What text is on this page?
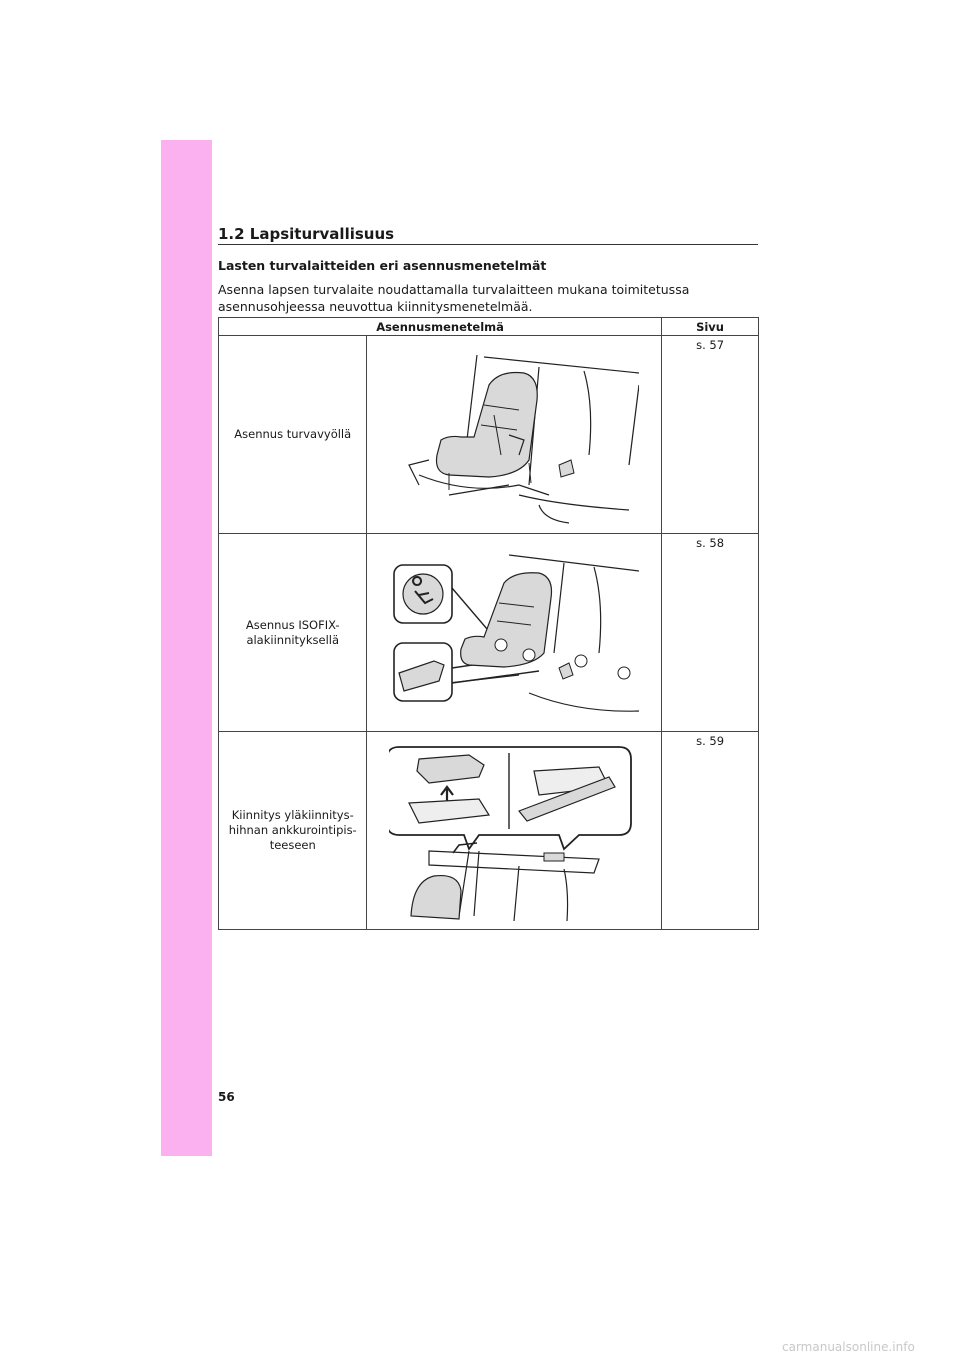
1.2 Lapsiturvallisuus
Lasten turvalaitteiden eri asennusmenetelmät
Asenna lapsen turvalaite noudattamalla turvalaitteen mukana toimitetussa asennusohjeessa neuvottua kiinnitysmenetelmää.
Asennusmenetelmä		Sivu
Asennus turvavyöllä		s. 57
Asennus ISOFIX-alakiinnityksellä		s. 58
Kiinnitys yläkiinnitys-hihnan ankkurointipis-teeseen		s. 59
56
carmanualsonline.info
